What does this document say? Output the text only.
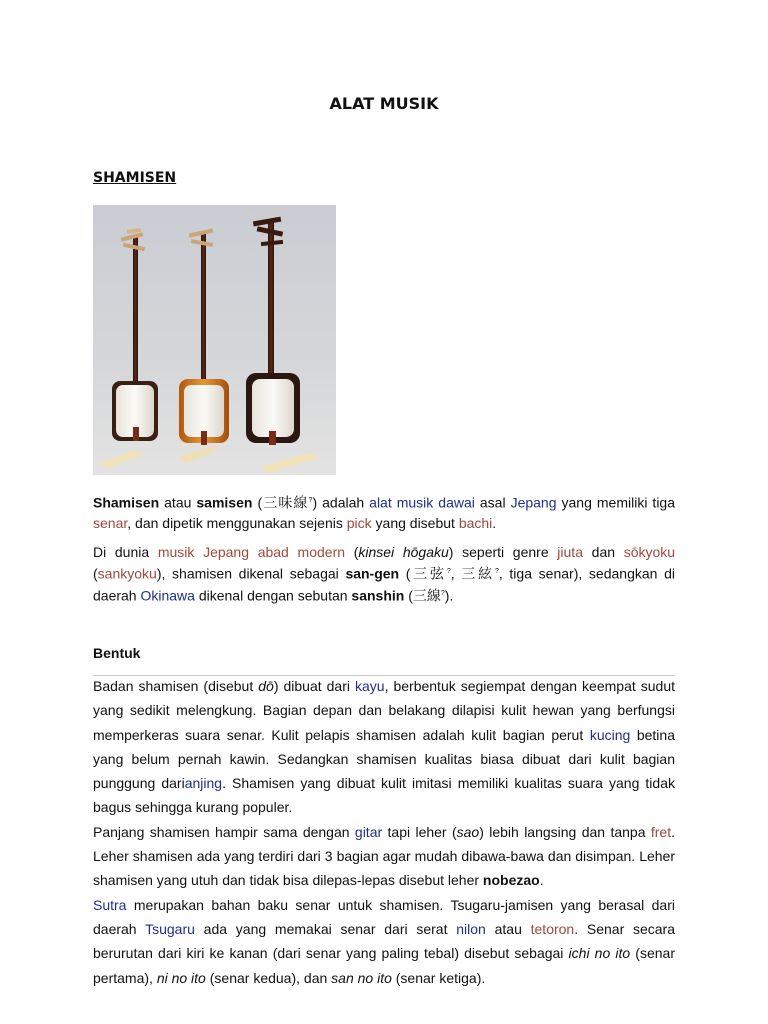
ALAT MUSIK
SHAMISEN
Shamisen atau samisen (三味線?) adalah alat musik dawai asal Jepang yang memiliki tiga senar, dan dipetik menggunakan sejenis pick yang disebut bachi.
Di dunia musik Jepang abad modern (kinsei hōgaku) seperti genre jiuta dan sōkyoku (sankyoku), shamisen dikenal sebagai san-gen (三弦?, 三絃?, tiga senar), sedangkan di daerah Okinawa dikenal dengan sebutan sanshin (三線?).
Bentuk
Badan shamisen (disebut dō) dibuat dari kayu, berbentuk segiempat dengan keempat sudut yang sedikit melengkung. Bagian depan dan belakang dilapisi kulit hewan yang berfungsi memperkeras suara senar. Kulit pelapis shamisen adalah kulit bagian perut kucing betina yang belum pernah kawin. Sedangkan shamisen kualitas biasa dibuat dari kulit bagian punggung darianjing. Shamisen yang dibuat kulit imitasi memiliki kualitas suara yang tidak bagus sehingga kurang populer.
Panjang shamisen hampir sama dengan gitar tapi leher (sao) lebih langsing dan tanpa fret. Leher shamisen ada yang terdiri dari 3 bagian agar mudah dibawa-bawa dan disimpan. Leher shamisen yang utuh dan tidak bisa dilepas-lepas disebut leher nobezao.
Sutra merupakan bahan baku senar untuk shamisen. Tsugaru-jamisen yang berasal dari daerah Tsugaru ada yang memakai senar dari serat nilon atau tetoron. Senar secara berurutan dari kiri ke kanan (dari senar yang paling tebal) disebut sebagai ichi no ito (senar pertama), ni no ito (senar kedua), dan san no ito (senar ketiga).
